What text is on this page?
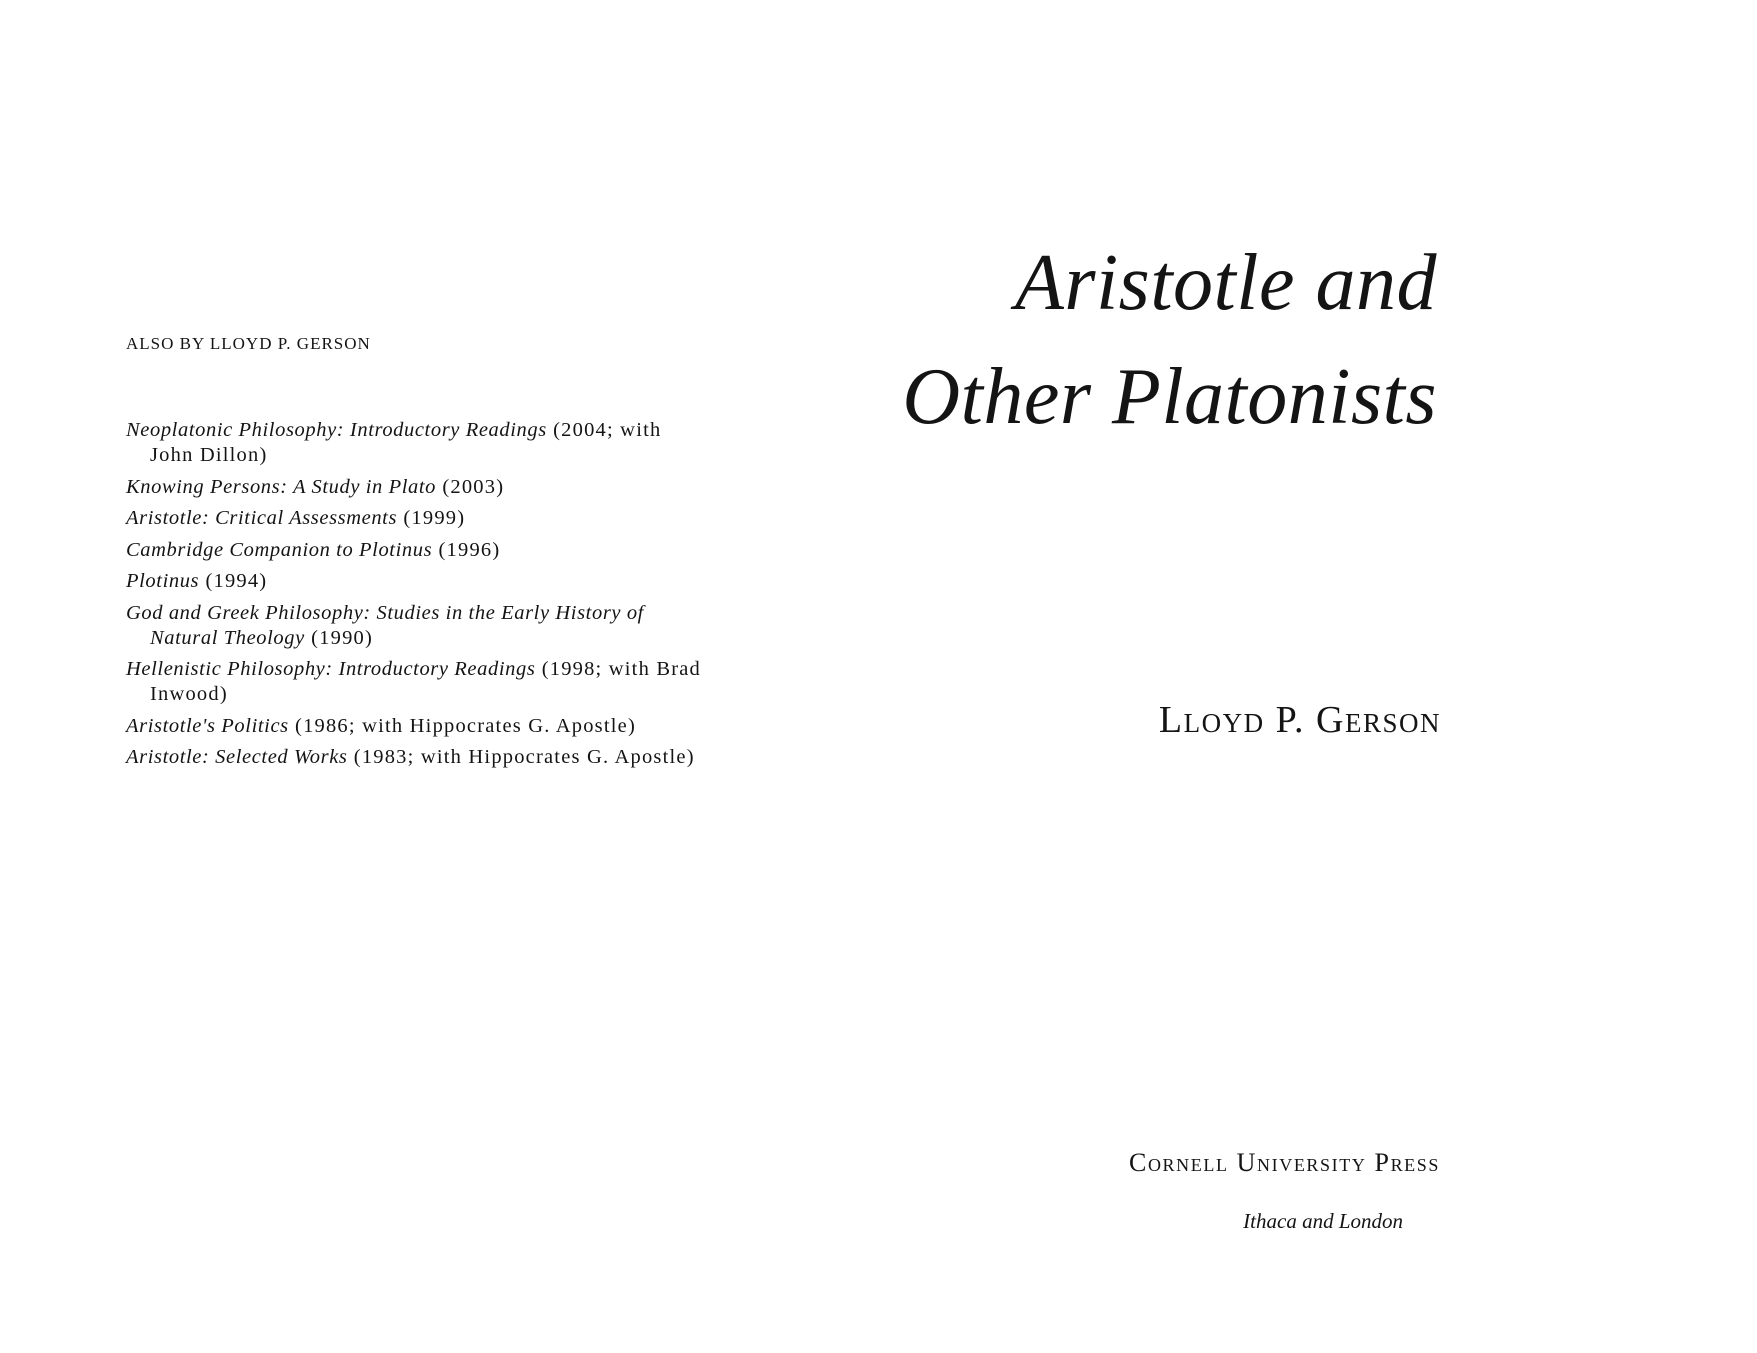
ALSO BY LLOYD P. GERSON
Neoplatonic Philosophy: Introductory Readings (2004; with John Dillon)
Knowing Persons: A Study in Plato (2003)
Aristotle: Critical Assessments (1999)
Cambridge Companion to Plotinus (1996)
Plotinus (1994)
God and Greek Philosophy: Studies in the Early History of Natural Theology (1990)
Hellenistic Philosophy: Introductory Readings (1998; with Brad Inwood)
Aristotle's Politics (1986; with Hippocrates G. Apostle)
Aristotle: Selected Works (1983; with Hippocrates G. Apostle)
Aristotle and
Other Platonists

Lloyd P. Gerson

Cornell University Press

Ithaca and London
